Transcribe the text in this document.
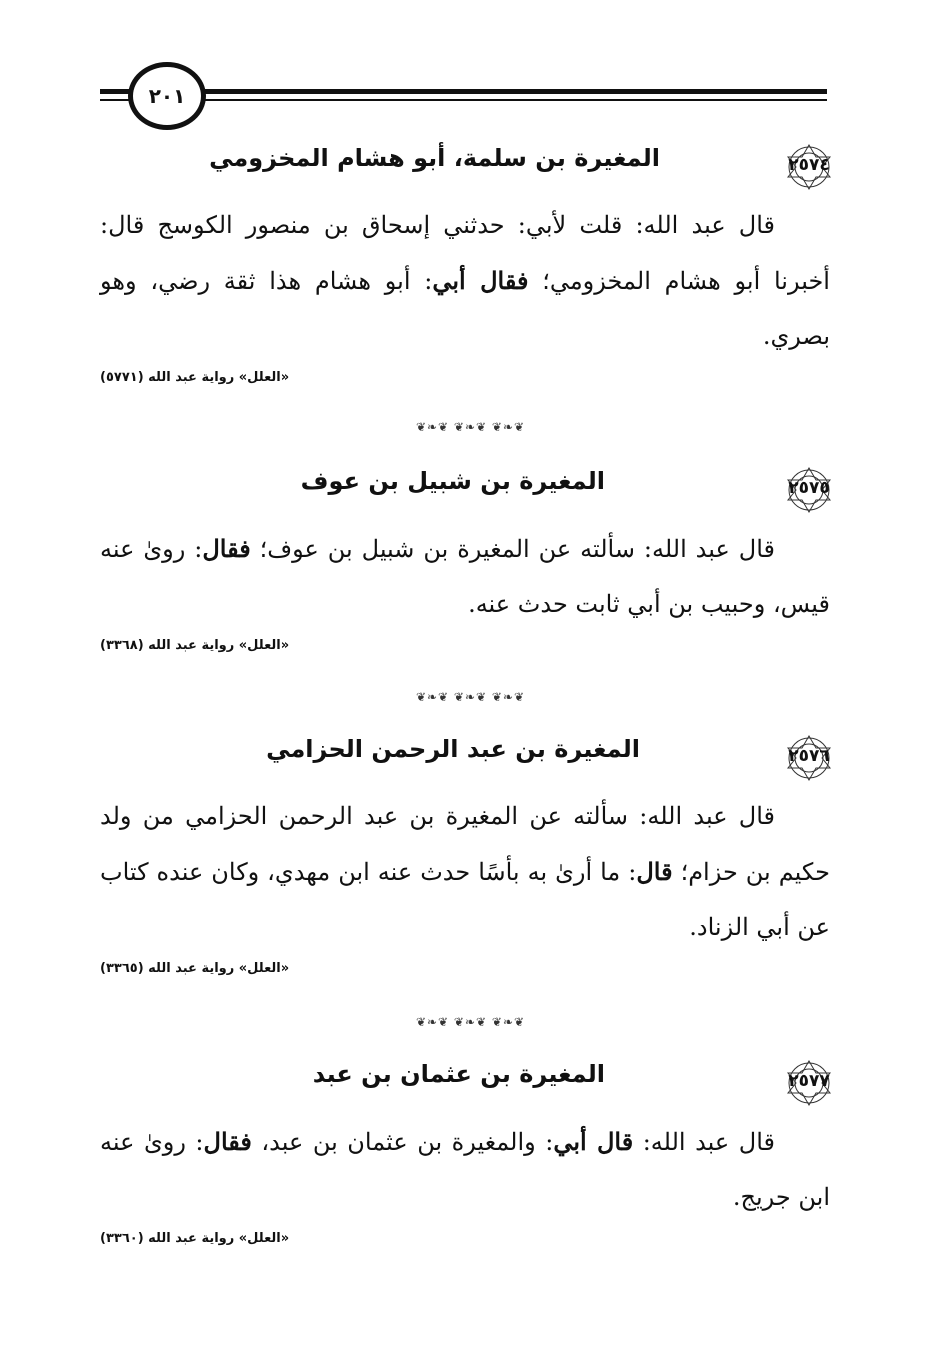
٢٠١
٢٥٧٤
المغيرة بن سلمة، أبو هشام المخزومي
قال عبد الله: قلت لأبي: حدثني إسحاق بن منصور الكوسج قال: أخبرنا أبو هشام المخزومي؛ فقال أبي: أبو هشام هذا ثقة رضي، وهو بصري.
«العلل» رواية عبد الله (٥٧٧١)
❦❧❦ ❦❧❦ ❦❧❦
٢٥٧٥
المغيرة بن شبيل بن عوف
قال عبد الله: سألته عن المغيرة بن شبيل بن عوف؛ فقال: روىٰ عنه قيس، وحبيب بن أبي ثابت حدث عنه.
«العلل» رواية عبد الله (٣٣٦٨)
❦❧❦ ❦❧❦ ❦❧❦
٢٥٧٦
المغيرة بن عبد الرحمن الحزامي
قال عبد الله: سألته عن المغيرة بن عبد الرحمن الحزامي من ولد حكيم بن حزام؛ قال: ما أرىٰ به بأسًا حدث عنه ابن مهدي، وكان عنده كتاب عن أبي الزناد.
«العلل» رواية عبد الله (٣٣٦٥)
❦❧❦ ❦❧❦ ❦❧❦
٢٥٧٧
المغيرة بن عثمان بن عبد
قال عبد الله: قال أبي: والمغيرة بن عثمان بن عبد، فقال: روىٰ عنه ابن جريج.
«العلل» رواية عبد الله (٣٣٦٠)
